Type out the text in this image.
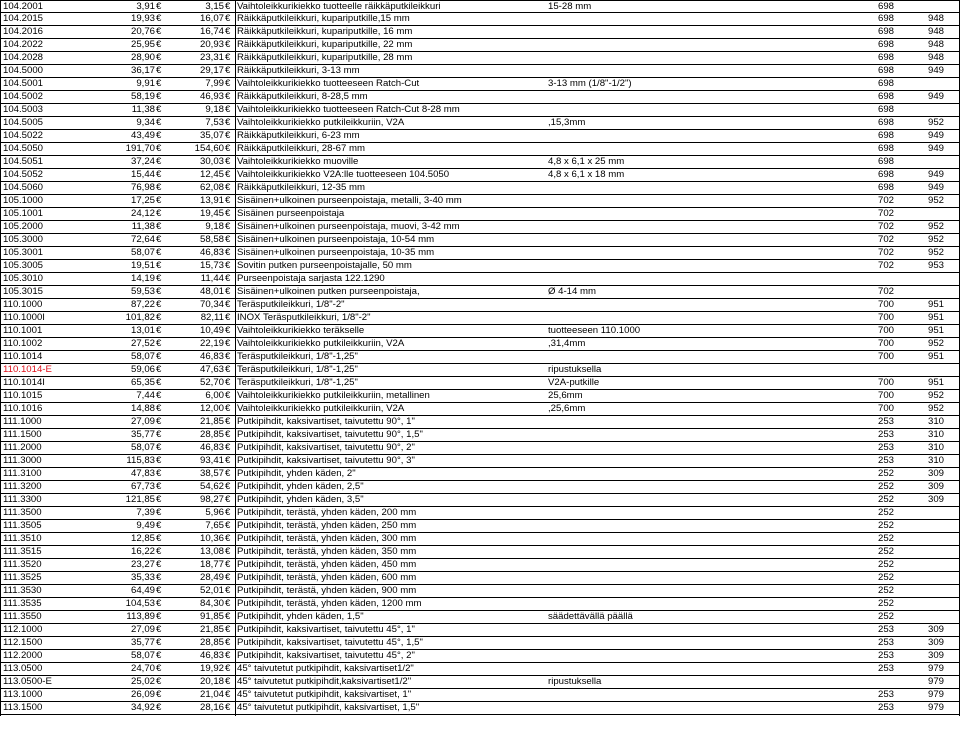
104.2001	3,91 €	3,15 € Vaihtoleikkurikiekko tuotteelle räikkäputkileikkuri	15-28 mm	698
104.2015	19,93 €	16,07 € Räikkäputkileikkuri, kupariputkille,15 mm	698	948
104.2016	20,76 €	16,74 € Räikkäputkileikkuri, kupariputkille, 16 mm	698	948
104.2022	25,95 €	20,93 € Räikkäputkileikkuri, kupariputkille, 22 mm	698	948
104.2028	28,90 €	23,31 € Räikkäputkileikkuri, kupariputkille, 28 mm	698	948
104.5000	36,17 €	29,17 € Räikkäputkileikkuri, 3-13 mm	698	949
104.5001	9,91 €	7,99 € Vaihtoleikkurikiekko tuotteeseen Ratch-Cut	3-13 mm (1/8"-1/2")	698
104.5002	58,19 €	46,93 € Räikkäputkileikkuri, 8-28,5 mm	698	949
104.5003	11,38 €	9,18 € Vaihtoleikkurikiekko tuotteeseen Ratch-Cut 8-28 mm	698
104.5005	9,34 €	7,53 € Vaihtoleikkurikiekko putkileikkuriin, V2A	,15,3mm	698	952
104.5022	43,49 €	35,07 € Räikkäputkileikkuri, 6-23 mm	698	949
104.5050	191,70 €	154,60 € Räikkäputkileikkuri, 28-67 mm	698	949
104.5051	37,24 €	30,03 € Vaihtoleikkurikiekko muoville	4,8 x 6,1 x 25 mm	698
104.5052	15,44 €	12,45 € Vaihtoleikkurikiekko V2A:lle tuotteeseen 104.5050	4,8 x 6,1 x 18 mm	698	949
104.5060	76,98 €	62,08 € Räikkäputkileikkuri, 12-35 mm	698	949
105.1000	17,25 €	13,91 € Sisäinen+ulkoinen purseenpoistaja, metalli, 3-40 mm	702	952
105.1001	24,12 €	19,45 € Sisäinen purseenpoistaja	702
105.2000	11,38 €	9,18 € Sisäinen+ulkoinen purseenpoistaja, muovi, 3-42 mm	702	952
105.3000	72,64 €	58,58 € Sisäinen+ulkoinen purseenpoistaja, 10-54 mm	702	952
105.3001	58,07 €	46,83 € Sisäinen+ulkoinen purseenpoistaja, 10-35 mm	702	952
105.3005	19,51 €	15,73 € Sovitin putken purseenpoistajalle, 50 mm	702	953
105.3010	14,19 €	11,44 € Purseenpoistaja sarjasta 122.1290
105.3015	59,53 €	48,01 € Sisäinen+ulkoinen putken purseenpoistaja,	Ø 4-14 mm	702
110.1000	87,22 €	70,34 € Teräsputkileikkuri, 1/8"-2"	700	951
110.1000I	101,82 €	82,11 € INOX Teräsputkileikkuri, 1/8"-2"	700	951
110.1001	13,01 €	10,49 € Vaihtoleikkurikiekko teräkselle	tuotteeseen 110.1000	700	951
110.1002	27,52 €	22,19 € Vaihtoleikkurikiekko putkileikkuriin, V2A	,31,4mm	700	952
110.1014	58,07 €	46,83 € Teräsputkileikkuri, 1/8"-1,25"	700	951
110.1014-E	59,06 €	47,63 € Teräsputkileikkuri, 1/8"-1,25"	ripustuksella
110.1014I	65,35 €	52,70 € Teräsputkileikkuri, 1/8"-1,25"	V2A-putkille	700	951
110.1015	7,44 €	6,00 € Vaihtoleikkurikiekko putkileikkuriin, metallinen	25,6mm	700	952
110.1016	14,88 €	12,00 € Vaihtoleikkurikiekko putkileikkuriin, V2A	,25,6mm	700	952
111.1000	27,09 €	21,85 € Putkipihdit, kaksivartiset, taivutettu 90°, 1"	253	310
111.1500	35,77 €	28,85 € Putkipihdit, kaksivartiset, taivutettu 90°, 1,5"	253	310
111.2000	58,07 €	46,83 € Putkipihdit, kaksivartiset, taivutettu 90°, 2"	253	310
111.3000	115,83 €	93,41 € Putkipihdit, kaksivartiset, taivutettu 90°, 3"	253	310
111.3100	47,83 €	38,57 € Putkipihdit, yhden käden, 2"	252	309
111.3200	67,73 €	54,62 € Putkipihdit, yhden käden, 2,5"	252	309
111.3300	121,85 €	98,27 € Putkipihdit, yhden käden, 3,5"	252	309
111.3500	7,39 €	5,96 € Putkipihdit, terästä, yhden käden, 200 mm	252
111.3505	9,49 €	7,65 € Putkipihdit, terästä, yhden käden, 250 mm	252
111.3510	12,85 €	10,36 € Putkipihdit, terästä, yhden käden, 300 mm	252
111.3515	16,22 €	13,08 € Putkipihdit, terästä, yhden käden, 350 mm	252
111.3520	23,27 €	18,77 € Putkipihdit, terästä, yhden käden, 450 mm	252
111.3525	35,33 €	28,49 € Putkipihdit, terästä, yhden käden, 600 mm	252
111.3530	64,49 €	52,01 € Putkipihdit, terästä, yhden käden, 900 mm	252
111.3535	104,53 €	84,30 € Putkipihdit, terästä, yhden käden, 1200 mm	252
111.3550	113,89 €	91,85 € Putkipihdit, yhden käden, 1,5"	säädettävällä päällä	252
112.1000	27,09 €	21,85 € Putkipihdit, kaksivartiset, taivutettu 45°, 1"	253	309
112.1500	35,77 €	28,85 € Putkipihdit, kaksivartiset, taivutettu 45°, 1,5"	253	309
112.2000	58,07 €	46,83 € Putkipihdit, kaksivartiset, taivutettu 45°, 2"	253	309
113.0500	24,70 €	19,92 € 45° taivutetut putkipihdit, kaksivartiset1/2"	253	979
113.0500-E	25,02 €	20,18 € 45° taivutetut putkipihdit,kaksivartiset1/2"	ripustuksella	979
113.1000	26,09 €	21,04 € 45° taivutetut putkipihdit, kaksivartiset, 1"	253	979
113.1500	34,92 €	28,16 € 45° taivutetut putkipihdit, kaksivartiset, 1,5"	253	979
